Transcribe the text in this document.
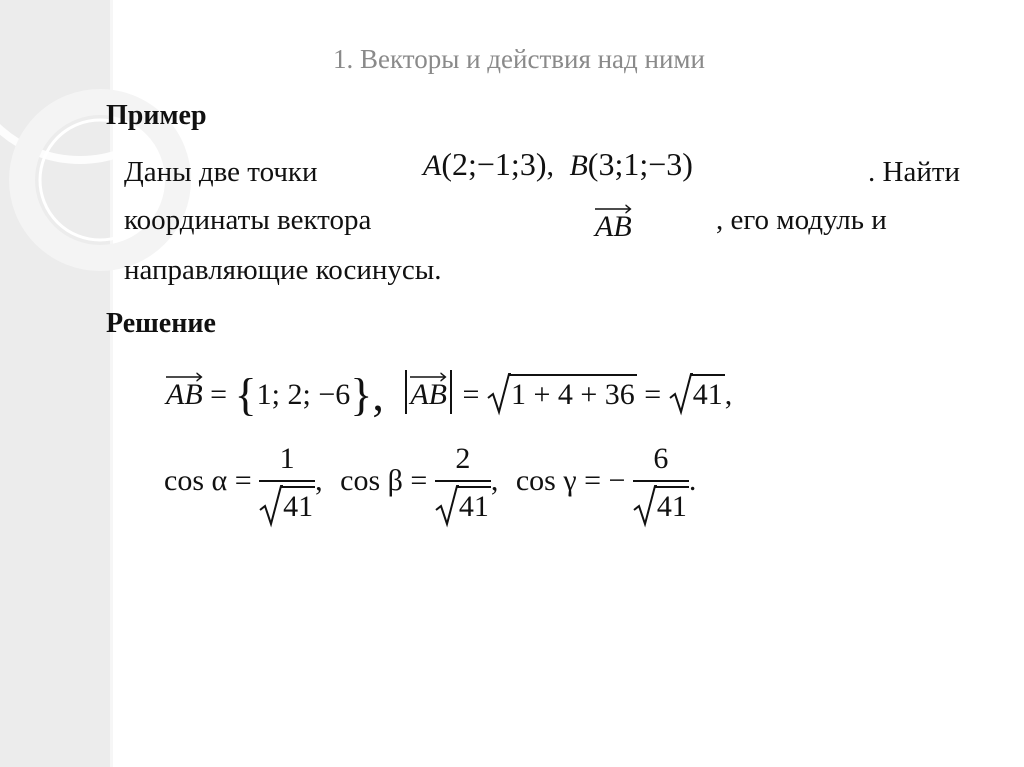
1. Векторы и действия над ними
Пример
Даны две точки	A(2;−1;3), B(3;1;−3)	. Найти
координаты вектора	AB	, его модуль и
направляющие косинусы.
Решение
AB = {1; 2; −6}, AB = 1 + 4 + 36 = 41,
$\cos \alpha = \frac{1}{41}$ , $\cos \beta = \frac{2}{41}$ , cos γ = − $\frac{6}{41}$ .
